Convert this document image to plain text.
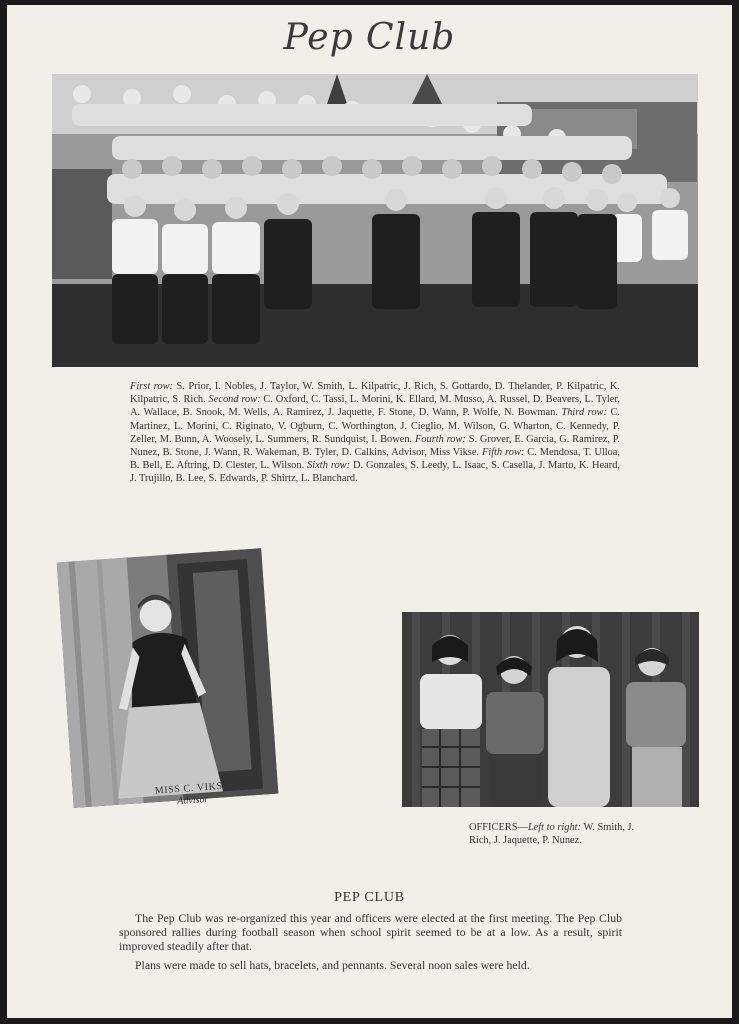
Pep Club
First row: S. Prior, I. Nobles, J. Taylor, W. Smith, L. Kilpatric, J. Rich, S. Gottardo, D. Thelander, P. Kilpatric, K. Kilpatric, S. Rich. Second row: C. Oxford, C. Tassi, L. Morini, K. Ellard, M. Musso, A. Russel, D. Beavers, L. Tyler, A. Wallace, B. Snook, M. Wells, A. Ramirez, J. Jaquette, F. Stone, D. Wann, P. Wolfe, N. Bowman. Third row: C. Martinez, L. Morini, C. Riginato, V. Ogburn, C. Worthington, J. Cieglio, M. Wilson, G. Wharton, C. Kennedy, P. Zeller, M. Bunn, A. Woosely, L. Summers, R. Sundquist, I. Bowen. Fourth row: S. Grover, E. Garcia, G. Ramirez, P. Nunez, B. Stone, J. Wann, R. Wakeman, B. Tyler, D. Calkins, Advisor, Miss Vikse. Fifth row: C. Mendosa, T. Ulloa, B. Bell, E. Aftring, D. Clester, L. Wilson. Sixth row: D. Gonzales, S. Leedy, L. Isaac, S. Casella, J. Marto, K. Heard, J. Trujillo, B. Lee, S. Edwards, P. Shirtz, L. Blanchard.
MISS C. VIKSE
Advisor
OFFICERS—Left to right: W. Smith, J. Rich, J. Jaquette, P. Nunez.
PEP CLUB

The Pep Club was re-organized this year and officers were elected at the first meeting. The Pep Club sponsored rallies during football season when school spirit seemed to be at a low. As a result, spirit improved steadily after that.

Plans were made to sell hats, bracelets, and pennants. Several noon sales were held.
